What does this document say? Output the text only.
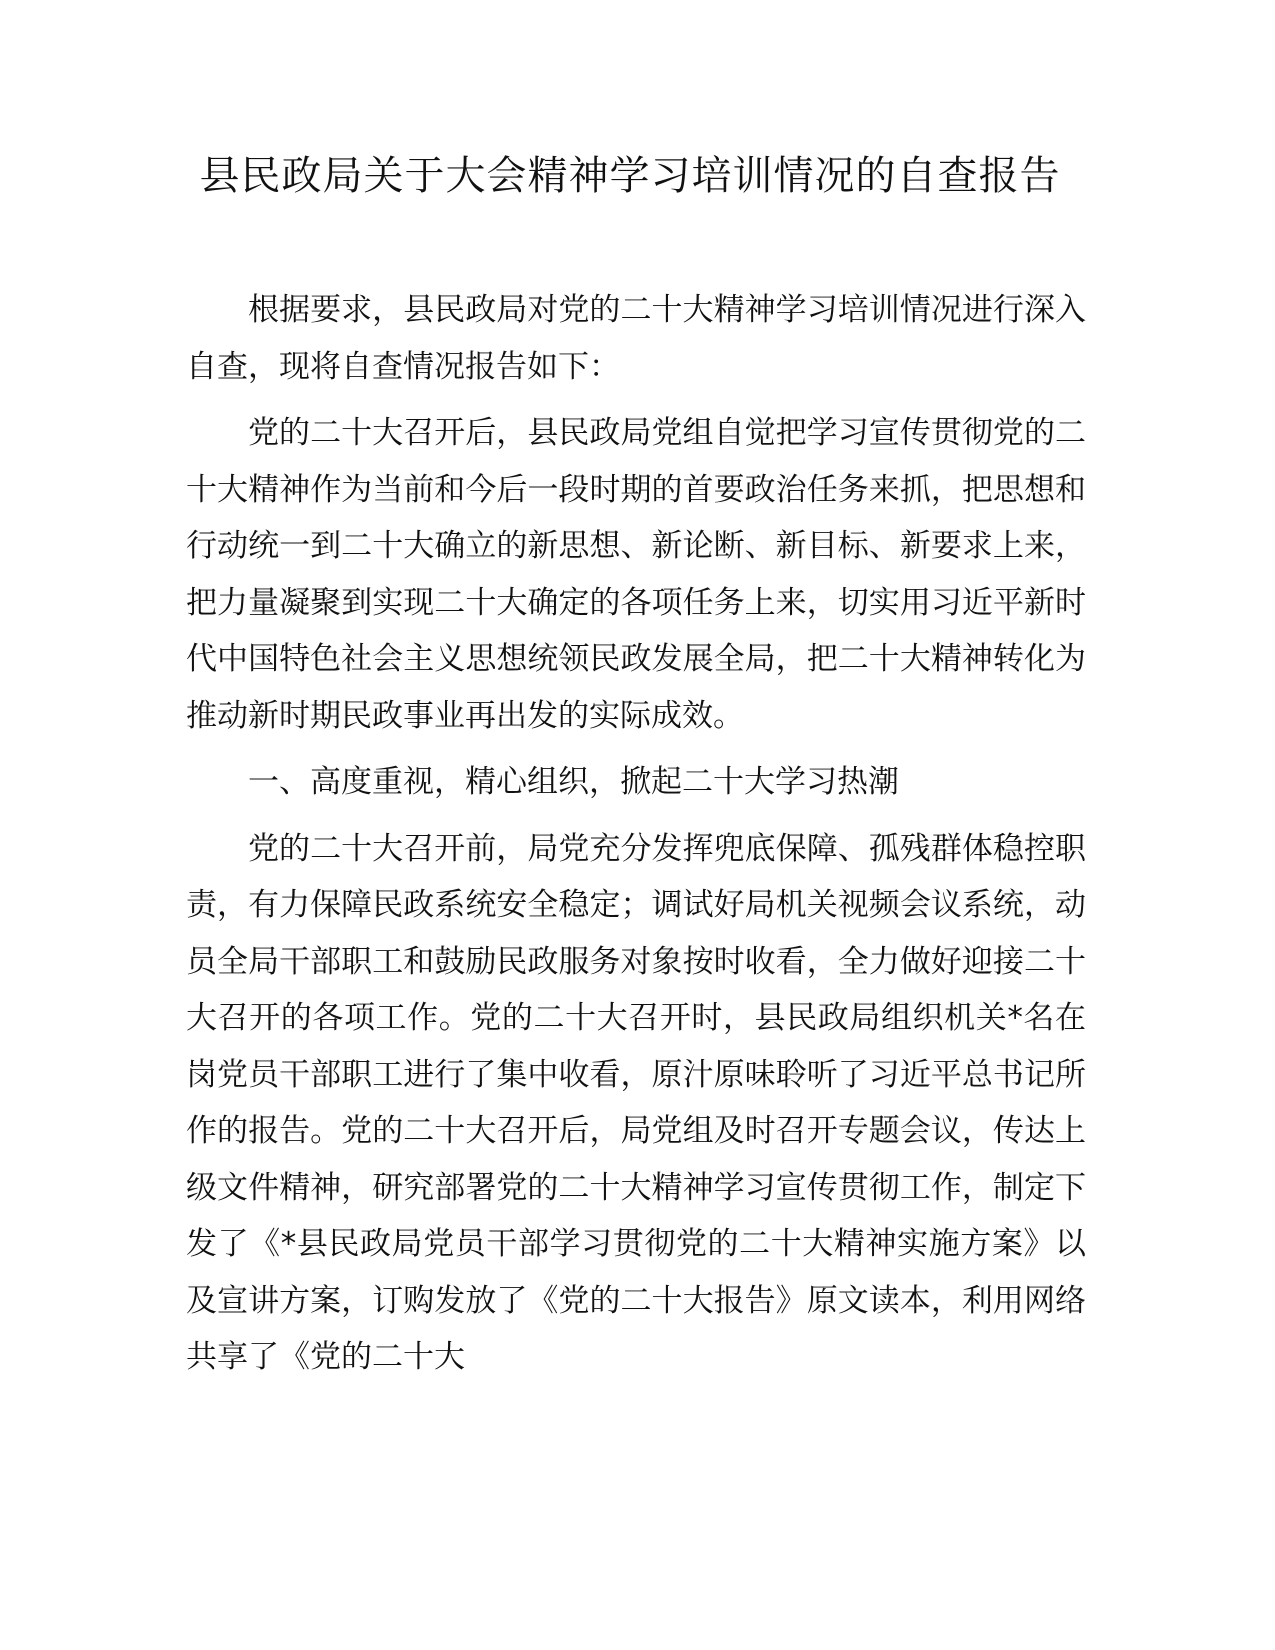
县民政局关于大会精神学习培训情况的自查报告

根据要求，县民政局对党的二十大精神学习培训情况进行深入自查，现将自查情况报告如下：

党的二十大召开后，县民政局党组自觉把学习宣传贯彻党的二十大精神作为当前和今后一段时期的首要政治任务来抓，把思想和行动统一到二十大确立的新思想、新论断、新目标、新要求上来，把力量凝聚到实现二十大确定的各项任务上来，切实用习近平新时代中国特色社会主义思想统领民政发展全局，把二十大精神转化为推动新时期民政事业再出发的实际成效。

一、高度重视，精心组织，掀起二十大学习热潮

党的二十大召开前，局党充分发挥兜底保障、孤残群体稳控职责，有力保障民政系统安全稳定；调试好局机关视频会议系统，动员全局干部职工和鼓励民政服务对象按时收看，全力做好迎接二十大召开的各项工作。党的二十大召开时，县民政局组织机关*名在岗党员干部职工进行了集中收看，原汁原味聆听了习近平总书记所作的报告。党的二十大召开后，局党组及时召开专题会议，传达上级文件精神，研究部署党的二十大精神学习宣传贯彻工作，制定下发了《*县民政局党员干部学习贯彻党的二十大精神实施方案》以及宣讲方案，订购发放了《党的二十大报告》原文读本，利用网络共享了《党的二十大
